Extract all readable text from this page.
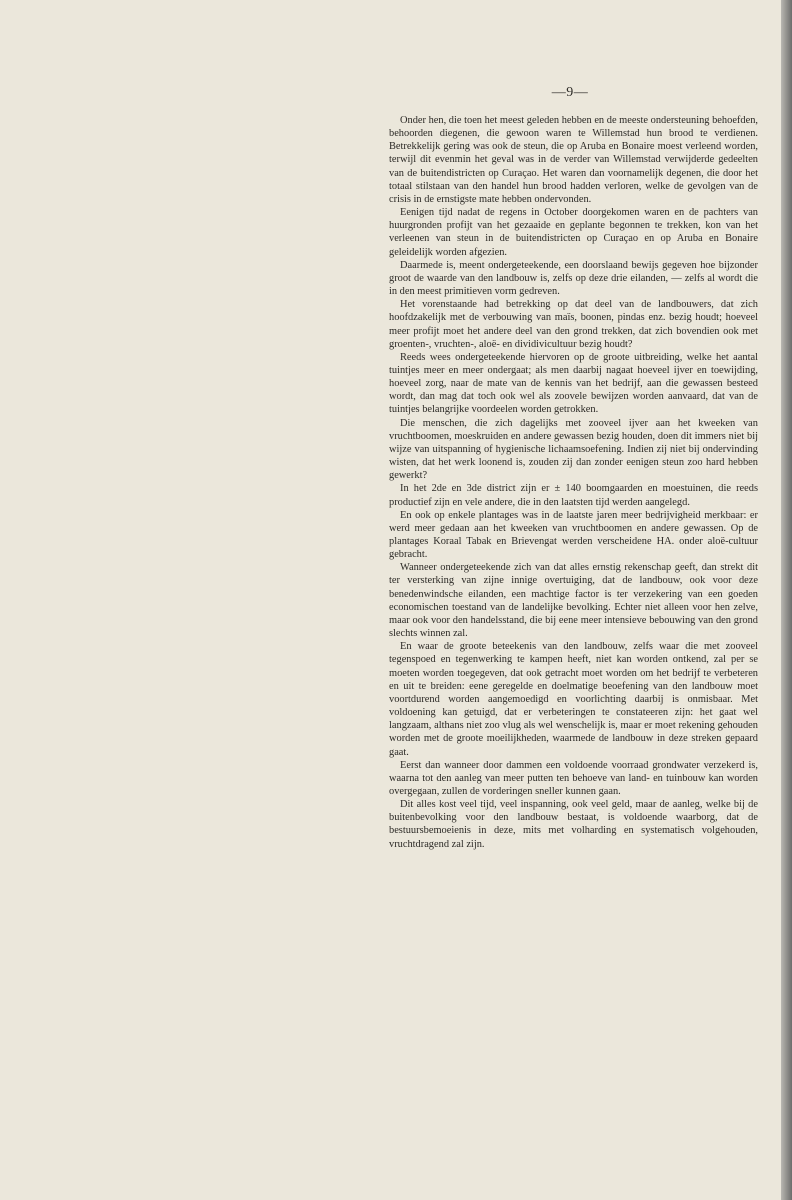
—9—

Onder hen, die toen het meest geleden hebben en de meeste ondersteuning behoefden, behoorden diegenen, die gewoon waren te Willemstad hun brood te verdienen. Betrekkelijk gering was ook de steun, die op Aruba en Bonaire moest verleend worden, terwijl dit evenmin het geval was in de verder van Willemstad verwijderde gedeelten van de buitendistricten op Curaçao. Het waren dan voornamelijk degenen, die door het totaal stilstaan van den handel hun brood hadden verloren, welke de gevolgen van de crisis in de ernstigste mate hebben ondervonden.

Eenigen tijd nadat de regens in October doorgekomen waren en de pachters van huurgronden profijt van het gezaaide en geplante begonnen te trekken, kon van het verleenen van steun in de buitendistricten op Curaçao en op Aruba en Bonaire geleidelijk worden afgezien.

Daarmede is, meent ondergeteekende, een doorslaand bewijs gegeven hoe bijzonder groot de waarde van den landbouw is, zelfs op deze drie eilanden, — zelfs al wordt die in den meest primitieven vorm gedreven.

Het vorenstaande had betrekking op dat deel van de landbouwers, dat zich hoofdzakelijk met de verbouwing van maïs, boonen, pindas enz. bezig houdt; hoeveel meer profijt moet het andere deel van den grond trekken, dat zich bovendien ook met groenten-, vruchten-, aloë- en dividivicultuur bezig houdt?

Reeds wees ondergeteekende hiervoren op de groote uitbreiding, welke het aantal tuintjes meer en meer ondergaat; als men daarbij nagaat hoeveel ijver en toewijding, hoeveel zorg, naar de mate van de kennis van het bedrijf, aan die gewassen besteed wordt, dan mag dat toch ook wel als zoovele bewijzen worden aanvaard, dat van de tuintjes belangrijke voordeelen worden getrokken.

Die menschen, die zich dagelijks met zooveel ijver aan het kweeken van vruchtboomen, moeskruiden en andere gewassen bezig houden, doen dit immers niet bij wijze van uitspanning of hygienische lichaamsoefening. Indien zij niet bij ondervinding wisten, dat het werk loonend is, zouden zij dan zonder eenigen steun zoo hard hebben gewerkt?

In het 2de en 3de district zijn er ± 140 boomgaarden en moestuinen, die reeds productief zijn en vele andere, die in den laatsten tijd werden aangelegd.

En ook op enkele plantages was in de laatste jaren meer bedrijvigheid merkbaar: er werd meer gedaan aan het kweeken van vruchtboomen en andere gewassen. Op de plantages Koraal Tabak en Brievengat werden verscheidene HA. onder aloë-cultuur gebracht.

Wanneer ondergeteekende zich van dat alles ernstig rekenschap geeft, dan strekt dit ter versterking van zijne innige overtuiging, dat de landbouw, ook voor deze benedenwindsche eilanden, een machtige factor is ter verzekering van een goeden economischen toestand van de landelijke bevolking. Echter niet alleen voor hen zelve, maar ook voor den handelsstand, die bij eene meer intensieve bebouwing van den grond slechts winnen zal.

En waar de groote beteekenis van den landbouw, zelfs waar die met zooveel tegenspoed en tegenwerking te kampen heeft, niet kan worden ontkend, zal per se moeten worden toegegeven, dat ook getracht moet worden om het bedrijf te verbeteren en uit te breiden: eene geregelde en doelmatige beoefening van den landbouw moet voortdurend worden aangemoedigd en voorlichting daarbij is onmisbaar. Met voldoening kan getuigd, dat er verbeteringen te constateeren zijn: het gaat wel langzaam, althans niet zoo vlug als wel wenschelijk is, maar er moet rekening gehouden worden met de groote moeilijkheden, waarmede de landbouw in deze streken gepaard gaat.

Eerst dan wanneer door dammen een voldoende voorraad grondwater verzekerd is, waarna tot den aanleg van meer putten ten behoeve van land- en tuinbouw kan worden overgegaan, zullen de vorderingen sneller kunnen gaan.

Dit alles kost veel tijd, veel inspanning, ook veel geld, maar de aanleg, welke bij de buitenbevolking voor den landbouw bestaat, is voldoende waarborg, dat de bestuursbemoeienis in deze, mits met volharding en systematisch volgehouden, vruchtdragend zal zijn.
